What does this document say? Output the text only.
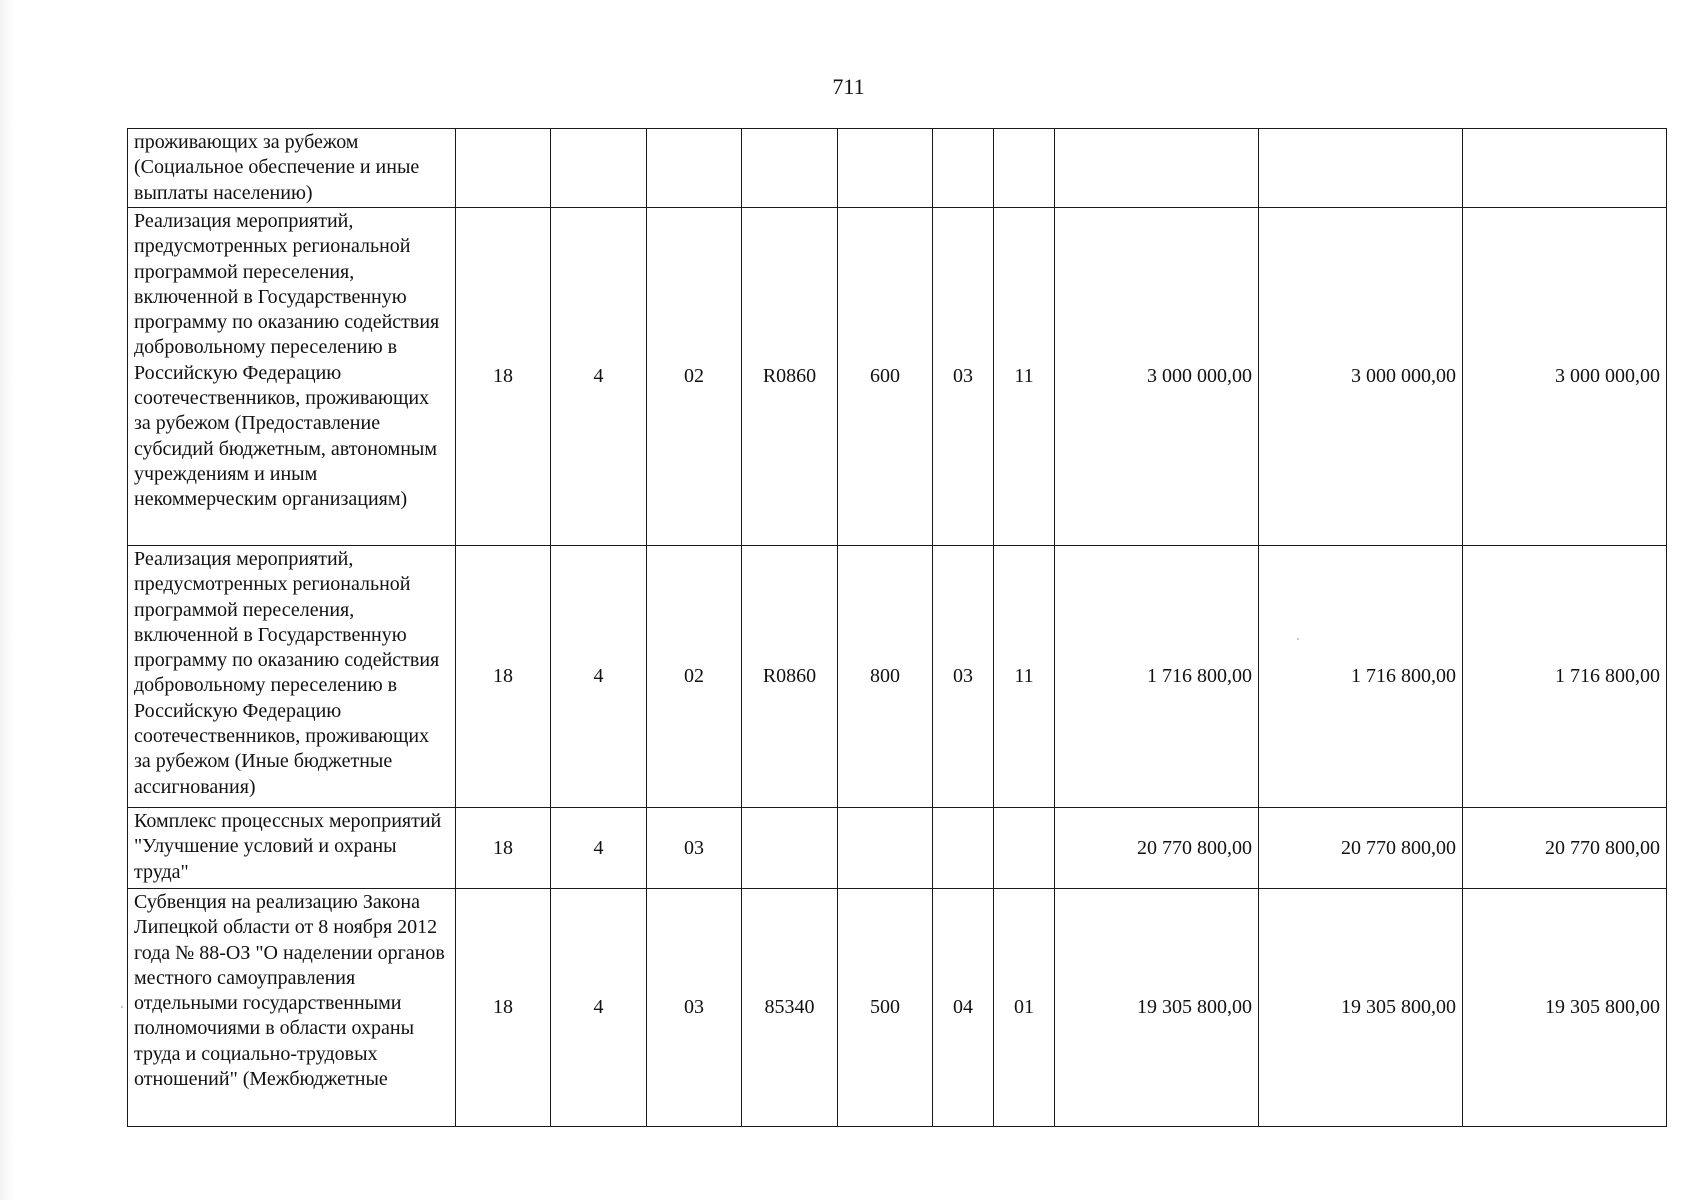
711
проживающих за рубежом (Социальное обеспечение и иные выплаты населению)										
Реализация мероприятий, предусмотренных региональной программой переселения, включенной в Государственную программу по оказанию содействия добровольному переселению в Российскую Федерацию соотечественников, проживающих за рубежом (Предоставление субсидий бюджетным, автономным учреждениям и иным некоммерческим организациям)	18	4	02	R0860	600	03	11	3 000 000,00	3 000 000,00	3 000 000,00
Реализация мероприятий, предусмотренных региональной программой переселения, включенной в Государственную программу по оказанию содействия добровольному переселению в Российскую Федерацию соотечественников, проживающих за рубежом (Иные бюджетные ассигнования)	18	4	02	R0860	800	03	11	1 716 800,00	1 716 800,00	1 716 800,00
Комплекс процессных мероприятий "Улучшение условий и охраны труда"	18	4	03					20 770 800,00	20 770 800,00	20 770 800,00
Субвенция на реализацию Закона Липецкой области от 8 ноября 2012 года № 88-ОЗ "О наделении органов местного самоуправления отдельными государственными полномочиями в области охраны труда и социально-трудовых отношений" (Межбюджетные	18	4	03	85340	500	04	01	19 305 800,00	19 305 800,00	19 305 800,00
